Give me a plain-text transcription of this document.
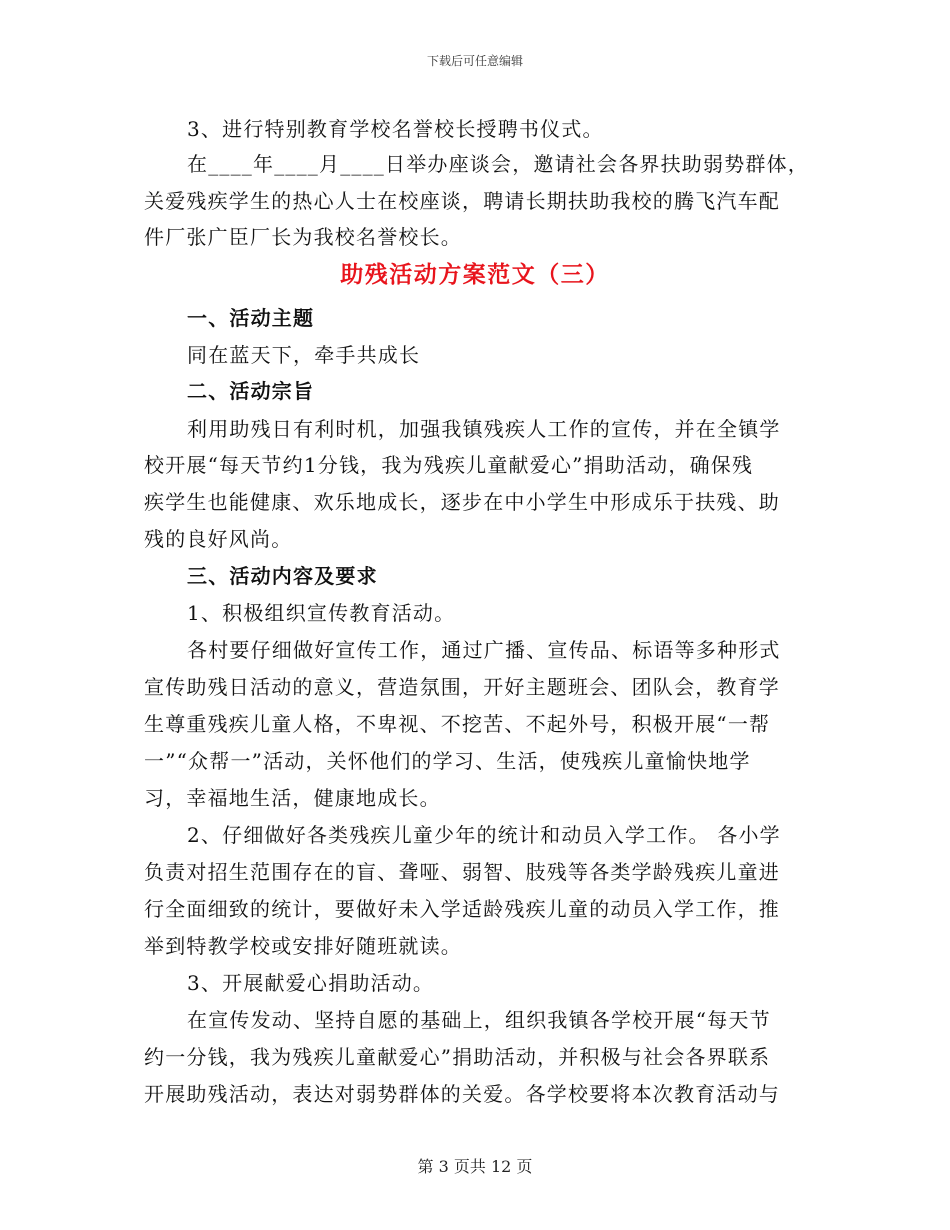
下载后可任意编辑
3、进行特别教育学校名誉校长授聘书仪式。
在____年____月____日举办座谈会，邀请社会各界扶助弱势群体，
关爱残疾学生的热心人士在校座谈，聘请长期扶助我校的腾飞汽车配
件厂张广臣厂长为我校名誉校长。
助残活动方案范文（三）
一、活动主题
同在蓝天下，牵手共成长
二、活动宗旨
利用助残日有利时机，加强我镇残疾人工作的宣传，并在全镇学
校开展“每天节约1分钱，我为残疾儿童献爱心”捐助活动，确保残
疾学生也能健康、欢乐地成长，逐步在中小学生中形成乐于扶残、助
残的良好风尚。
三、活动内容及要求
1、积极组织宣传教育活动。
各村要仔细做好宣传工作，通过广播、宣传品、标语等多种形式
宣传助残日活动的意义，营造氛围，开好主题班会、团队会，教育学
生尊重残疾儿童人格，不卑视、不挖苦、不起外号，积极开展“一帮
一”“众帮一”活动，关怀他们的学习、生活，使残疾儿童愉快地学
习，幸福地生活，健康地成长。
2、仔细做好各类残疾儿童少年的统计和动员入学工作。 各小学
负责对招生范围存在的盲、聋哑、弱智、肢残等各类学龄残疾儿童进
行全面细致的统计，要做好未入学适龄残疾儿童的动员入学工作，推
举到特教学校或安排好随班就读。
3、开展献爱心捐助活动。
在宣传发动、坚持自愿的基础上，组织我镇各学校开展“每天节
约一分钱，我为残疾儿童献爱心”捐助活动，并积极与社会各界联系
开展助残活动，表达对弱势群体的关爱。各学校要将本次教育活动与
第 3 页共 12 页
